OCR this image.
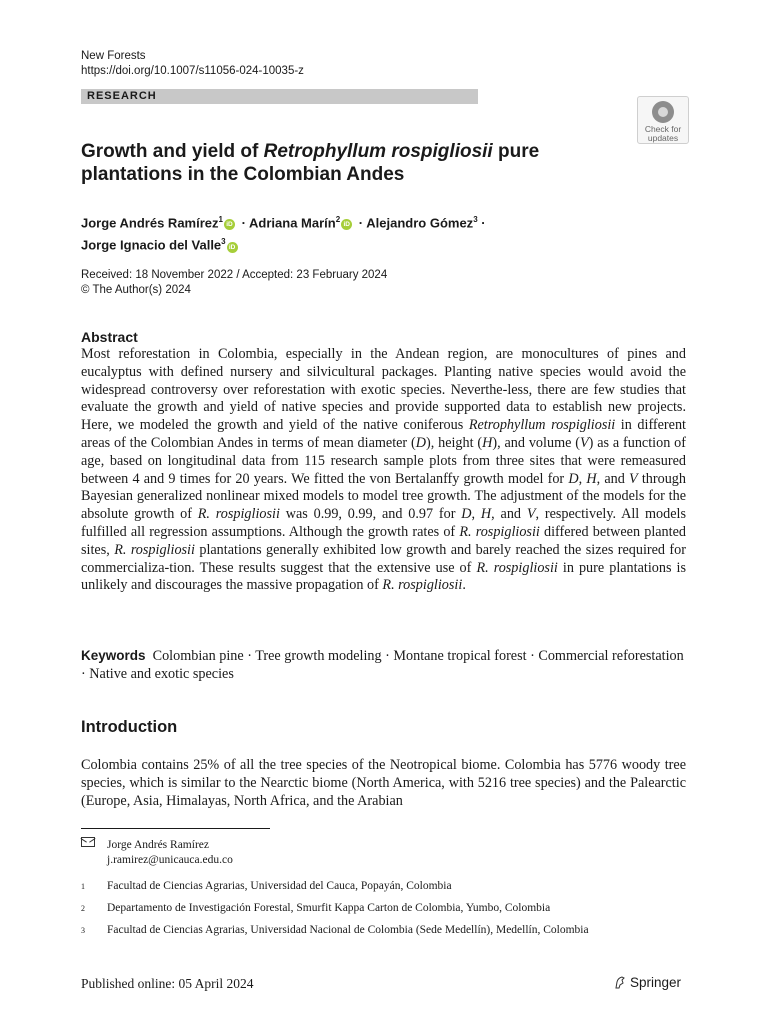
New Forests
https://doi.org/10.1007/s11056-024-10035-z
RESEARCH
Check for
updates
Growth and yield of Retrophyllum rospigliosii pure plantations in the Colombian Andes
Jorge Andrés Ramírez$^1$iD · Adriana Marín$^2$iD · Alejandro Gómez$^3$ ·
Jorge Ignacio del Valle$^3$iD
Received: 18 November 2022 / Accepted: 23 February 2024
© The Author(s) 2024
Abstract
Most reforestation in Colombia, especially in the Andean region, are monocultures of pines and eucalyptus with defined nursery and silvicultural packages. Planting native species would avoid the widespread controversy over reforestation with exotic species. Neverthe-less, there are few studies that evaluate the growth and yield of native species and provide supported data to establish new projects. Here, we modeled the growth and yield of the native coniferous Retrophyllum rospigliosii in different areas of the Colombian Andes in terms of mean diameter (D), height (H), and volume (V) as a function of age, based on longitudinal data from 115 research sample plots from three sites that were remeasured between 4 and 9 times for 20 years. We fitted the von Bertalanffy growth model for D, H, and V through Bayesian generalized nonlinear mixed models to model tree growth. The adjustment of the models for the absolute growth of R. rospigliosii was 0.99, 0.99, and 0.97 for D, H, and V, respectively. All models fulfilled all regression assumptions. Although the growth rates of R. rospigliosii differed between planted sites, R. rospigliosii plantations generally exhibited low growth and barely reached the sizes required for commercializa-tion. These results suggest that the extensive use of R. rospigliosii in pure plantations is unlikely and discourages the massive propagation of R. rospigliosii.
Keywords Colombian pine · Tree growth modeling · Montane tropical forest · Commercial reforestation · Native and exotic species
Introduction
Colombia contains 25% of all the tree species of the Neotropical biome. Colombia has 5776 woody tree species, which is similar to the Nearctic biome (North America, with 5216 tree species) and the Palearctic (Europe, Asia, Himalayas, North Africa, and the Arabian
Jorge Andrés Ramírez
j.ramirez@unicauca.edu.co
1	Facultad de Ciencias Agrarias, Universidad del Cauca, Popayán, Colombia
2	Departamento de Investigación Forestal, Smurfit Kappa Carton de Colombia, Yumbo, Colombia
3	Facultad de Ciencias Agrarias, Universidad Nacional de Colombia (Sede Medellín), Medellín, Colombia
Published online: 05 April 2024	Springer
